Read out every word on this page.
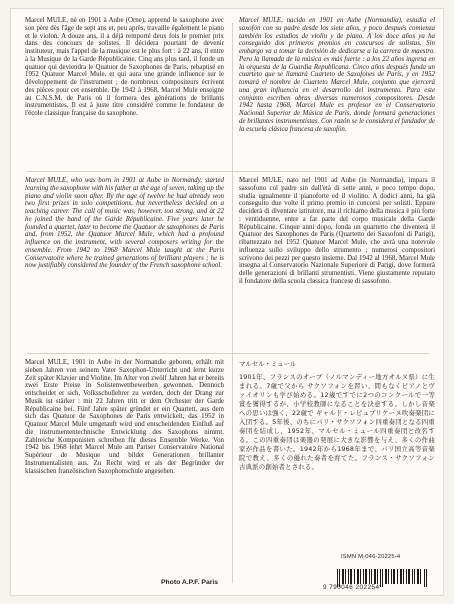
Marcel MULE, né en 1901 à Aube (Orne), apprend le saxophone avec son père dès l'âge de sept ans et, peu après, travaille également le piano et le violon. A douze ans, il a déjà remporté deux fois le premier prix dans des concours de solistes. Il décidera pourtant de devenir instituteur, mais l'appel de la musique est le plus fort : à 22 ans, il entre à la Musique de la Garde Républicaine. Cinq ans plus tard, il fonde un quatuor qui deviendra le Quatuor de Saxophones de Paris, rebaptisé en 1952 Quatuor Marcel Mule, et qui aura une grande influence sur le développement de l'instrument ; de nombreux compositeurs écrivent des pièces pour cet ensemble. De 1942 à 1968, Marcel Mule enseigne au C.N.S.M. de Paris où il formera des générations de brillants instrumentistes. Il est à juste titre considéré comme le fondateur de l'école classique française du saxophone.
Marcel MULE, nacido en 1901 en Aube (Normandía), estudia el saxofón con su padre desde los siete años, y poco después comienza también los estudios de violín y de piano. A los doce años ya ha conseguido dos primeros premios en concursos de solistas. Sin embargo va a tomar la decisión de dedicarse a la carrera de maestro. Pero la llamada de la música es más fuerte : a los 22 años ingresa en la orquesta de la Guardia Republicana. Cinco años después funda un cuarteto que se llamará Cuarteto de Saxofones de París, y en 1952 tomará el nombre de Cuarteto Marcel Mule, conjunto que ejercerá una gran influencia en el desarrollo del instrumento. Para este conjunto escriben obras diversas numerosos compositores. Desde 1942 hasta 1968, Marcel Mule es profesor en el Conservatorio Nacional Superior de Música de París, donde formará generaciones de brillantes instrumentistas. Con razón se le considera el fundador de la escuela clásica francesa de saxofón.
Marcel MULE, who was born in 1901 at Aube in Normandy, started learning the saxophone with his father at the age of seven, taking up the piano and violin soon after. By the age of twelve he had already won two first prizes in solo competitions, but nevertheless decided on a teaching career. The call of music was, however, too strong, and at 22 he joined the band of the Garde Républicaine. Five years later he founded a quartet, later to become the Quatuor de saxophones de Paris and, from 1952, the Quatuor Marcel Mule, which had a profound influence on the instrument, with several composers writing for the ensemble. From 1942 to 1968 Marcel Mule taught at the Paris Conservatoire where he trained generations of brilliant players ; he is now justifiably considered the founder of the French saxophone school.
Marcel MULE, nato nel 1901 ad Aube (in Normandia), impara il sassofono col padre sin dall'età di sette anni, e poco tempo dopo, studia ugualmente il pianoforte ed il violino. A dodici anni, ha già conseguito due volte il primo premio in concorsi per solisti. Eppure deciderà di diventare istitutore, ma il richiamo della musica è più forte : ventiduenne, entre a far parte del corpo musicale della Garde Républicaine. Cinque anni dopo, fonda un quartetto che diventerà il Quatuor des Saxophones de Paris (Quartetto dei Sassofoni di Parigi), ribattezzato nel 1952 Quatuor Marcel Mule, che avrà una notevole influenza sullo sviluppo dello strumento ; numerosi compositori scrivono dei pezzi per questo insieme. Dal 1942 al 1968, Marcel Mule insegna al Conservatorio Nazionale Superiore di Parigi, dove formerà delle generazioni di brillanti strumentisti. Viene giustamente reputato il fondatore della scuola classica francese di sassofono.
Marcel MULE, 1901 in Aube in der Normandie geboren, erhält mit sieben Jahren von seinem Vater Saxophon-Unterricht und lernt kurze Zeit später Klavier und Violine. Im Alter von zwölf Jahren hat er bereits zwei Erste Preise in Solistenwettbewerben gewonnen. Dennoch entscheidet er sich, Volksschullehrer zu werden, doch der Drang zur Musik ist stärker : mit 22 Jahren tritt er dem Orchester der Garde Républicaine bei. Fünf Jahre später gründet er ein Quartett, aus dem sich das Quatuor de Saxophones de Paris entwickelt, das 1952 in Quatuor Marcel Mule umgetauft wird und entscheidenden Einfluß auf die instrumententechnische Entwicklung des Saxophons nimmt. Zahlreiche Komponisten schreiben für dieses Ensemble Werke. Von 1942 bis 1968 lehrt Marcel Mule am Pariser Conservatoire National Supérieur de Musique und bildet Generationen brillanter Instrumentalisten aus. Zu Recht wird er als der Begründer der klassischen französischen Saxophonschule angesehen.
マルセル・ミュール
1901年、フランスのオーブ（ノルマンディー地方オルヌ県）に生まれる。7歳で父から サクソフォンを習い、間もなくピアノとヴァイオリンも学び始める。12歳ですでに2つのコンクールで一等賞を獲得するが、小学校教師になることを決意する。しかし音楽への思いは強く、22歳で ギャルド・レピュブリケーヌ吹奏楽団に入団する。5年後、のちにパリ・サクソフォン四重奏団となる四重奏団を結成し、1952年、マルセル・ミュール四重奏団と改名する。この四重奏団は楽器の発展に大きな影響を与え、多くの作曲家が作品を書いた。1942年から1968年まで、パリ国立高等音楽院で教え、多くの優れた奏者を育てた。フランス・サクソフォン古典派の創始者とされる。
ISMN M-046-20225-4
Photo A.P.F. Paris
9 790046 202254
